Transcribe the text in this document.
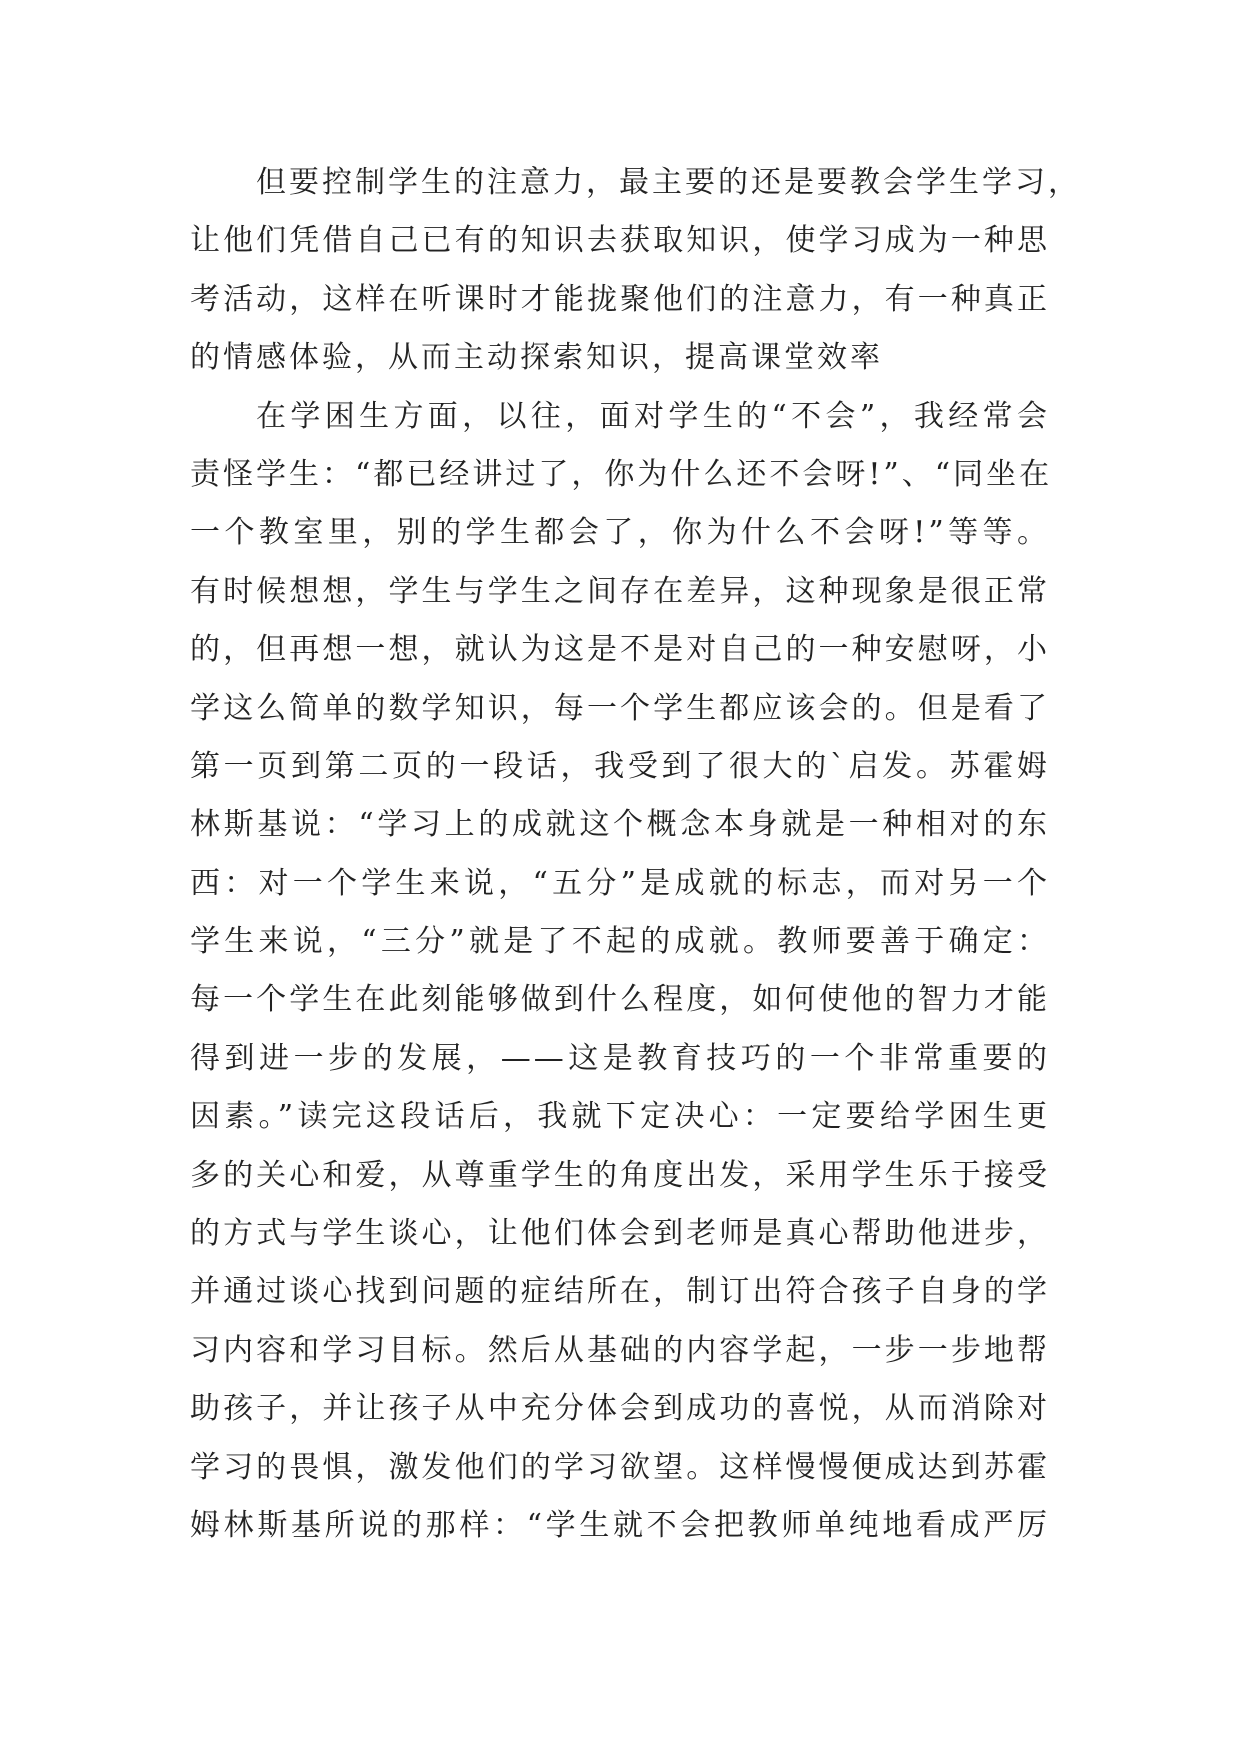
但要控制学生的注意力，最主要的还是要教会学生学习，
让他们凭借自己已有的知识去获取知识，使学习成为一种思
考活动，这样在听课时才能拢聚他们的注意力，有一种真正
的情感体验，从而主动探索知识，提高课堂效率
在学困生方面，以往，面对学生的“不会”，我经常会
责怪学生：“都已经讲过了，你为什么还不会呀!”、“同坐在
一个教室里，别的学生都会了，你为什么不会呀!”等等。
有时候想想，学生与学生之间存在差异，这种现象是很正常
的，但再想一想，就认为这是不是对自己的一种安慰呀，小
学这么简单的数学知识，每一个学生都应该会的。但是看了
第一页到第二页的一段话，我受到了很大的`启发。苏霍姆
林斯基说：“学习上的成就这个概念本身就是一种相对的东
西：对一个学生来说，“五分”是成就的标志，而对另一个
学生来说，“三分”就是了不起的成就。教师要善于确定：
每一个学生在此刻能够做到什么程度，如何使他的智力才能
得到进一步的发展，——这是教育技巧的一个非常重要的
因素。”读完这段话后，我就下定决心：一定要给学困生更
多的关心和爱，从尊重学生的角度出发，采用学生乐于接受
的方式与学生谈心，让他们体会到老师是真心帮助他进步，
并通过谈心找到问题的症结所在，制订出符合孩子自身的学
习内容和学习目标。然后从基础的内容学起，一步一步地帮
助孩子，并让孩子从中充分体会到成功的喜悦，从而消除对
学习的畏惧，激发他们的学习欲望。这样慢慢便成达到苏霍
姆林斯基所说的那样：“学生就不会把教师单纯地看成严厉
